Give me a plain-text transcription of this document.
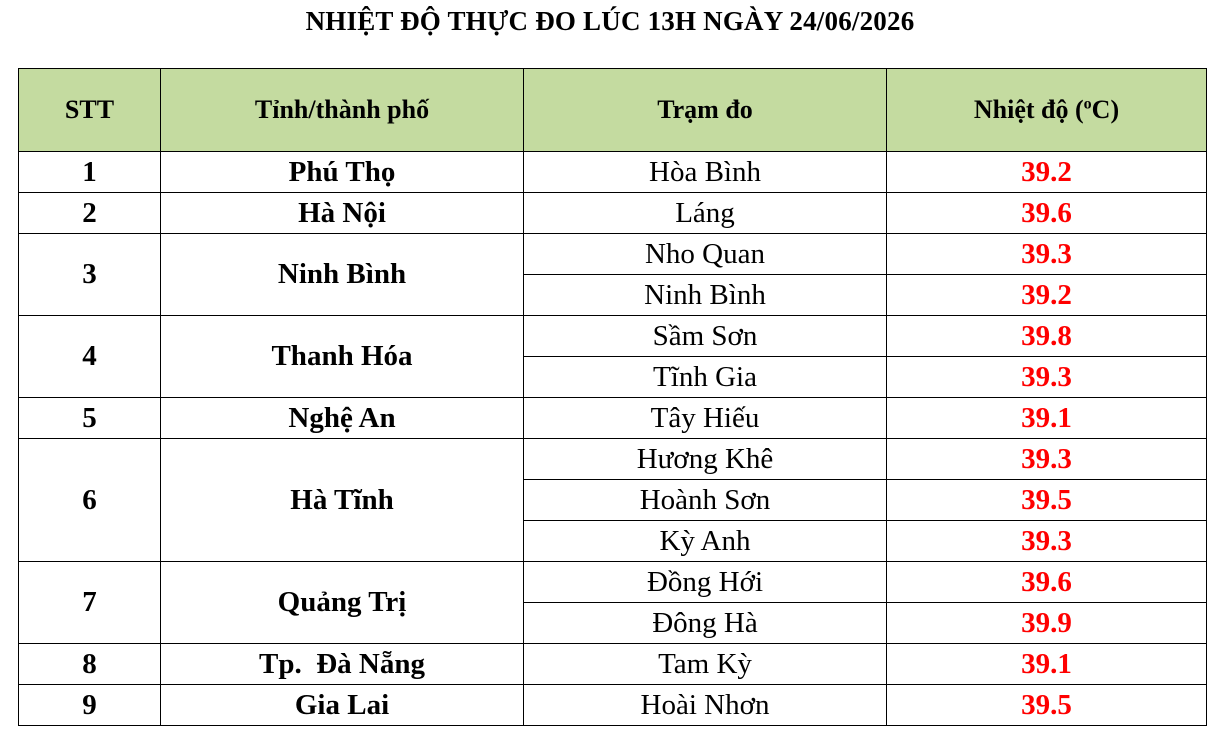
NHIỆT ĐỘ THỰC ĐO LÚC 13H NGÀY 24/06/2026
STT	Tỉnh/thành phố	Trạm đo	Nhiệt độ ($^o$C)
1	Phú Thọ	Hòa Bình	39.2
2	Hà Nội	Láng	39.6
3	Ninh Bình	Nho Quan	39.3
		Ninh Bình	39.2
4	Thanh Hóa	Sầm Sơn	39.8
		Tĩnh Gia	39.3
5	Nghệ An	Tây Hiếu	39.1
6	Hà Tĩnh	Hương Khê	39.3
		Hoành Sơn	39.5
		Kỳ Anh	39.3
7	Quảng Trị	Đồng Hới	39.6
		Đông Hà	39.9
8	Tp.  Đà Nẵng	Tam Kỳ	39.1
9	Gia Lai	Hoài Nhơn	39.5
